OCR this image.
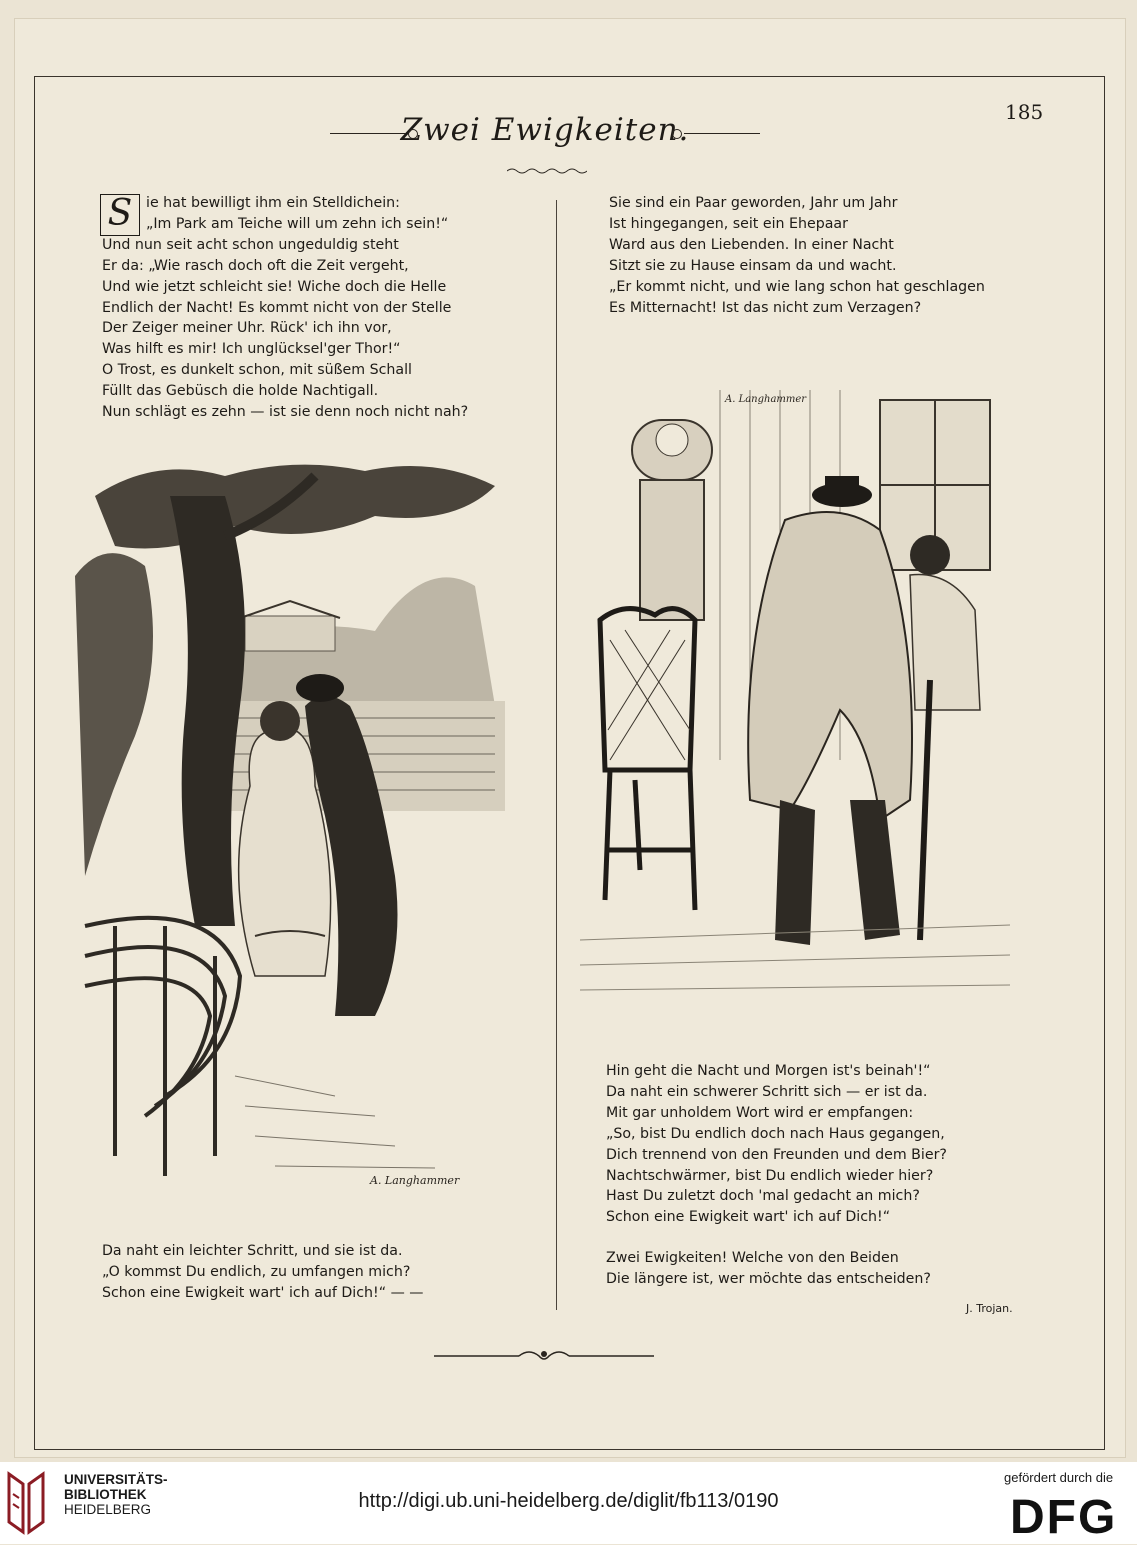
185
Zwei Ewigkeiten.
S ie hat bewilligt ihm ein Stelldichein:
„Im Park am Teiche will um zehn ich sein!“
Und nun seit acht schon ungeduldig steht
Er da: „Wie rasch doch oft die Zeit vergeht,
Und wie jetzt schleicht sie! Wiche doch die Helle
Endlich der Nacht! Es kommt nicht von der Stelle
Der Zeiger meiner Uhr. Rück' ich ihn vor,
Was hilft es mir! Ich unglücksel'ger Thor!“
O Trost, es dunkelt schon, mit süßem Schall
Füllt das Gebüsch die holde Nachtigall.
Nun schlägt es zehn — ist sie denn noch nicht nah?
A. Langhammer
Da naht ein leichter Schritt, und sie ist da.
„O kommst Du endlich, zu umfangen mich?
Schon eine Ewigkeit wart' ich auf Dich!“ — —
Sie sind ein Paar geworden, Jahr um Jahr
Ist hingegangen, seit ein Ehepaar
Ward aus den Liebenden. In einer Nacht
Sitzt sie zu Hause einsam da und wacht.
„Er kommt nicht, und wie lang schon hat geschlagen
Es Mitternacht! Ist das nicht zum Verzagen?
A. Langhammer
Hin geht die Nacht und Morgen ist's beinah'!“
Da naht ein schwerer Schritt sich — er ist da.
Mit gar unholdem Wort wird er empfangen:
„So, bist Du endlich doch nach Haus gegangen,
Dich trennend von den Freunden und dem Bier?
Nachtschwärmer, bist Du endlich wieder hier?
Hast Du zuletzt doch 'mal gedacht an mich?
Schon eine Ewigkeit wart' ich auf Dich!“
Zwei Ewigkeiten! Welche von den Beiden
Die längere ist, wer möchte das entscheiden?
J. Trojan.
UNIVERSITÄTS-
BIBLIOTHEK
HEIDELBERG	http://digi.ub.uni-heidelberg.de/diglit/fb113/0190
gefördert durch die
DFG
